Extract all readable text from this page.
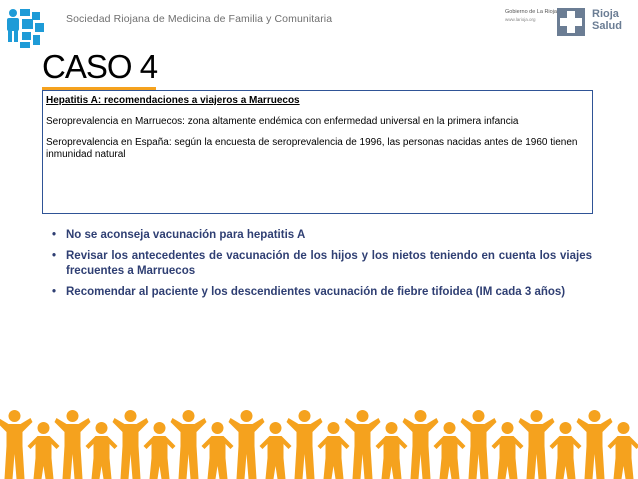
Sociedad Riojana de Medicina de Familia y Comunitaria
Gobierno de La Rioja
www.larioja.org	Rioja
Salud
CASO 4

Hepatitis A: recomendaciones a viajeros a Marruecos

Seroprevalencia en Marruecos: zona altamente endémica con enfermedad universal en la primera infancia

Seroprevalencia en España: según la encuesta de seroprevalencia de 1996, las personas nacidas antes de 1960 tienen inmunidad natural

• No se aconseja vacunación para hepatitis A
• Revisar los antecedentes de vacunación de los hijos y los nietos teniendo en cuenta los viajes frecuentes a Marruecos
• Recomendar al paciente y los descendientes vacunación de fiebre tifoidea (IM cada 3 años)
